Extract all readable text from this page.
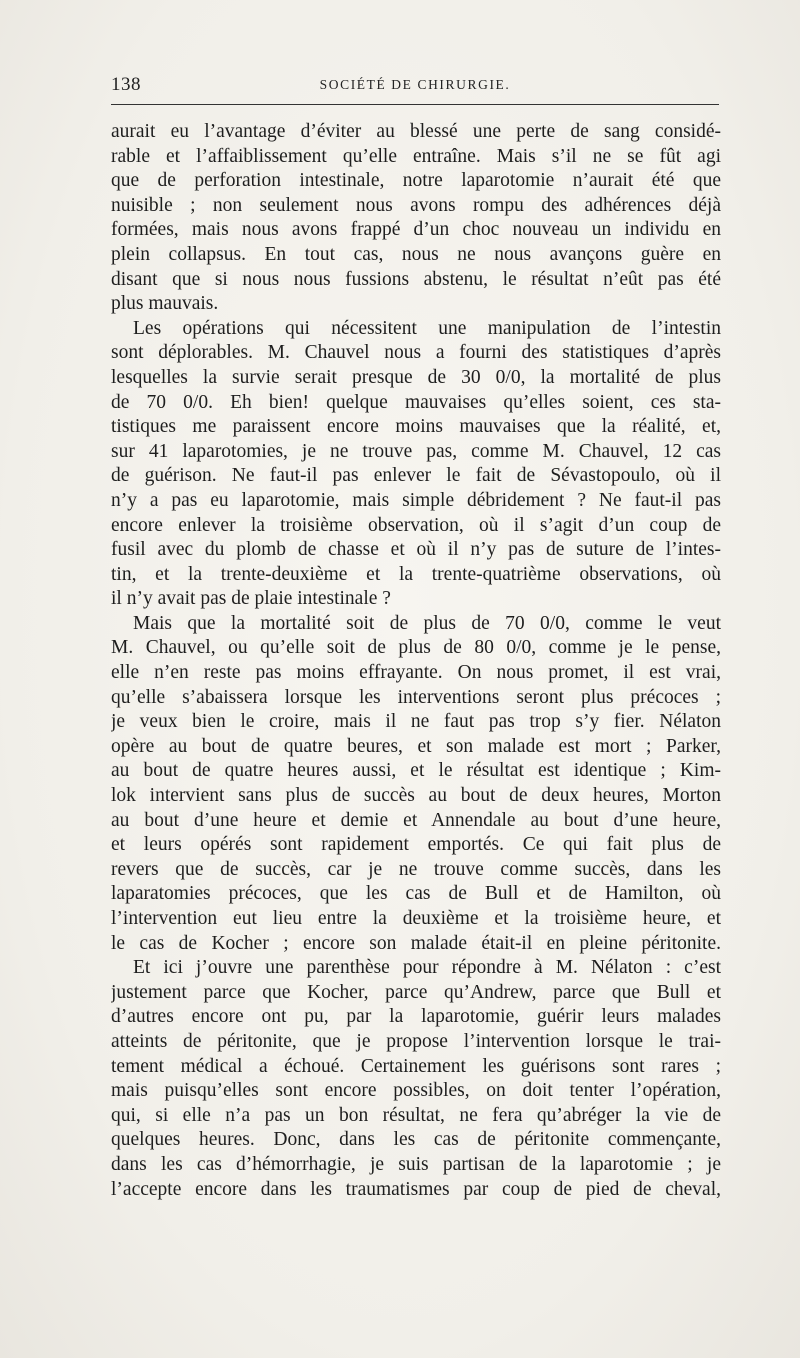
138	SOCIÉTÉ DE CHIRURGIE.
aurait eu l’avantage d’éviter au blessé une perte de sang considé-
rable et l’affaiblissement qu’elle entraîne. Mais s’il ne se fût agi
que de perforation intestinale, notre laparotomie n’aurait été que
nuisible ; non seulement nous avons rompu des adhérences déjà
formées, mais nous avons frappé d’un choc nouveau un individu en
plein collapsus. En tout cas, nous ne nous avançons guère en
disant que si nous nous fussions abstenu, le résultat n’eût pas été
plus mauvais.
Les opérations qui nécessitent une manipulation de l’intestin
sont déplorables. M. Chauvel nous a fourni des statistiques d’après
lesquelles la survie serait presque de 30 0/0, la mortalité de plus
de 70 0/0. Eh bien! quelque mauvaises qu’elles soient, ces sta-
tistiques me paraissent encore moins mauvaises que la réalité, et,
sur 41 laparotomies, je ne trouve pas, comme M. Chauvel, 12 cas
de guérison. Ne faut-il pas enlever le fait de Sévastopoulo, où il
n’y a pas eu laparotomie, mais simple débridement ? Ne faut-il pas
encore enlever la troisième observation, où il s’agit d’un coup de
fusil avec du plomb de chasse et où il n’y pas de suture de l’intes-
tin, et la trente-deuxième et la trente-quatrième observations, où
il n’y avait pas de plaie intestinale ?
Mais que la mortalité soit de plus de 70 0/0, comme le veut
M. Chauvel, ou qu’elle soit de plus de 80 0/0, comme je le pense,
elle n’en reste pas moins effrayante. On nous promet, il est vrai,
qu’elle s’abaissera lorsque les interventions seront plus précoces ;
je veux bien le croire, mais il ne faut pas trop s’y fier. Nélaton
opère au bout de quatre beures, et son malade est mort ; Parker,
au bout de quatre heures aussi, et le résultat est identique ; Kim-
lok intervient sans plus de succès au bout de deux heures, Morton
au bout d’une heure et demie et Annendale au bout d’une heure,
et leurs opérés sont rapidement emportés. Ce qui fait plus de
revers que de succès, car je ne trouve comme succès, dans les
laparatomies précoces, que les cas de Bull et de Hamilton, où
l’intervention eut lieu entre la deuxième et la troisième heure, et
le cas de Kocher ; encore son malade était-il en pleine péritonite.
Et ici j’ouvre une parenthèse pour répondre à M. Nélaton : c’est
justement parce que Kocher, parce qu’Andrew, parce que Bull et
d’autres encore ont pu, par la laparotomie, guérir leurs malades
atteints de péritonite, que je propose l’intervention lorsque le trai-
tement médical a échoué. Certainement les guérisons sont rares ;
mais puisqu’elles sont encore possibles, on doit tenter l’opération,
qui, si elle n’a pas un bon résultat, ne fera qu’abréger la vie de
quelques heures. Donc, dans les cas de péritonite commençante,
dans les cas d’hémorrhagie, je suis partisan de la laparotomie ; je
l’accepte encore dans les traumatismes par coup de pied de cheval,
